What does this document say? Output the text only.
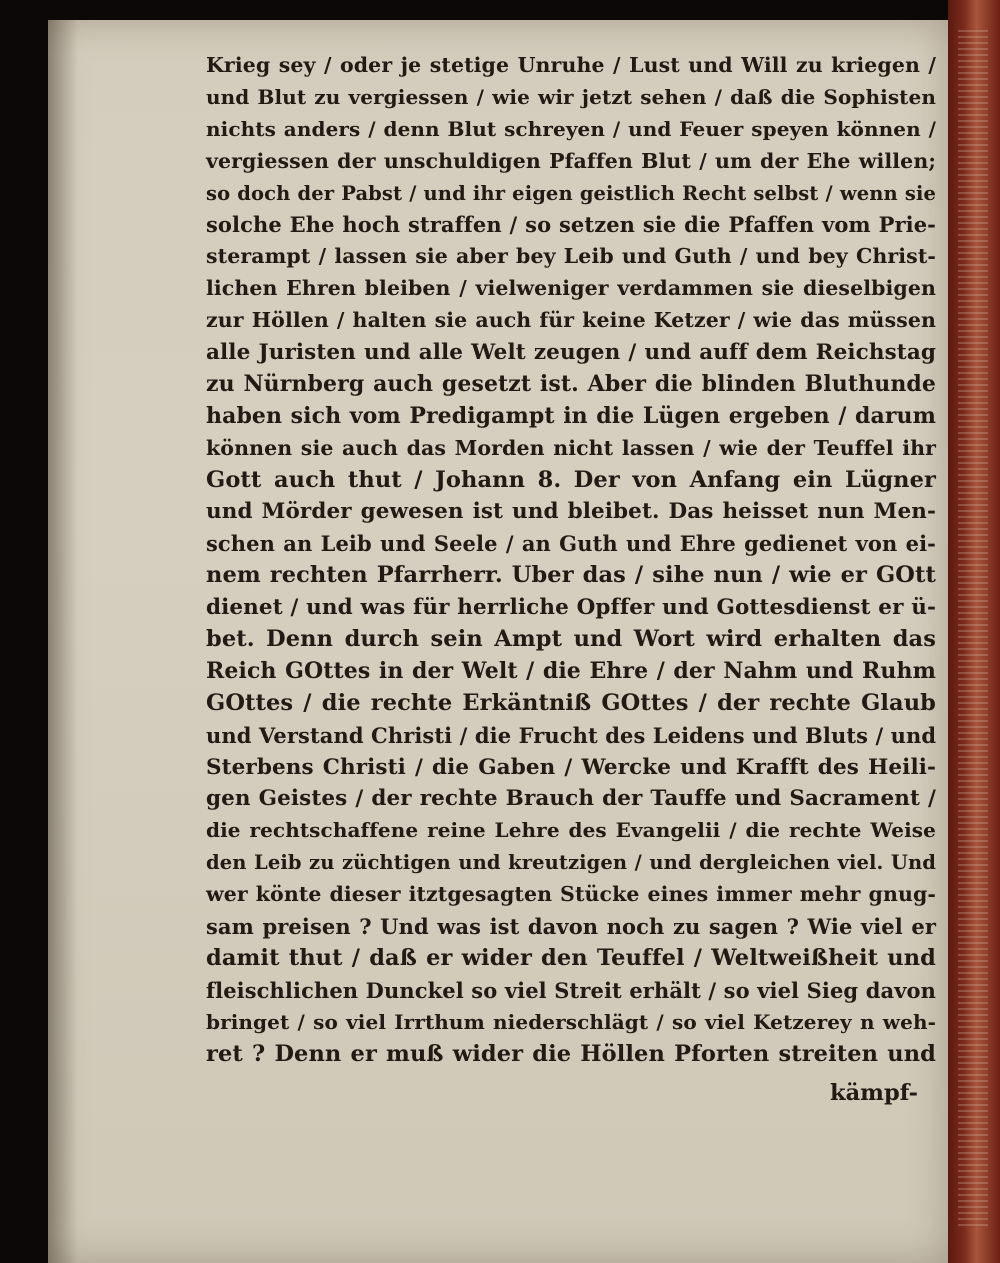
Krieg sey / oder je stetige Unruhe / Lust und Will zu kriegen /
und Blut zu vergiessen / wie wir jetzt sehen / daß die Sophisten
nichts anders / denn Blut schreyen / und Feuer speyen können /
vergiessen der unschuldigen Pfaffen Blut / um der Ehe willen;
so doch der Pabst / und ihr eigen geistlich Recht selbst / wenn sie
solche Ehe hoch straffen / so setzen sie die Pfaffen vom Prie-
sterampt / lassen sie aber bey Leib und Guth / und bey Christ-
lichen Ehren bleiben / vielweniger verdammen sie dieselbigen
zur Höllen / halten sie auch für keine Ketzer / wie das müssen
alle Juristen und alle Welt zeugen / und auff dem Reichstag
zu Nürnberg auch gesetzt ist. Aber die blinden Bluthunde
haben sich vom Predigampt in die Lügen ergeben / darum
können sie auch das Morden nicht lassen / wie der Teuffel ihr
Gott auch thut / Johann 8. Der von Anfang ein Lügner
und Mörder gewesen ist und bleibet. Das heisset nun Men-
schen an Leib und Seele / an Guth und Ehre gedienet von ei-
nem rechten Pfarrherr. Uber das / sihe nun / wie er GOtt
dienet / und was für herrliche Opffer und Gottesdienst er ü-
bet. Denn durch sein Ampt und Wort wird erhalten das
Reich GOttes in der Welt / die Ehre / der Nahm und Ruhm
GOttes / die rechte Erkäntniß GOttes / der rechte Glaub
und Verstand Christi / die Frucht des Leidens und Bluts / und
Sterbens Christi / die Gaben / Wercke und Krafft des Heili-
gen Geistes / der rechte Brauch der Tauffe und Sacrament /
die rechtschaffene reine Lehre des Evangelii / die rechte Weise
den Leib zu züchtigen und kreutzigen / und dergleichen viel. Und
wer könte dieser itztgesagten Stücke eines immer mehr gnug-
sam preisen ? Und was ist davon noch zu sagen ? Wie viel er
damit thut / daß er wider den Teuffel / Weltweißheit und
fleischlichen Dunckel so viel Streit erhält / so viel Sieg davon
bringet / so viel Irrthum niederschlägt / so viel Ketzerey n weh-
ret ? Denn er muß wider die Höllen Pforten streiten und
kämpf-
